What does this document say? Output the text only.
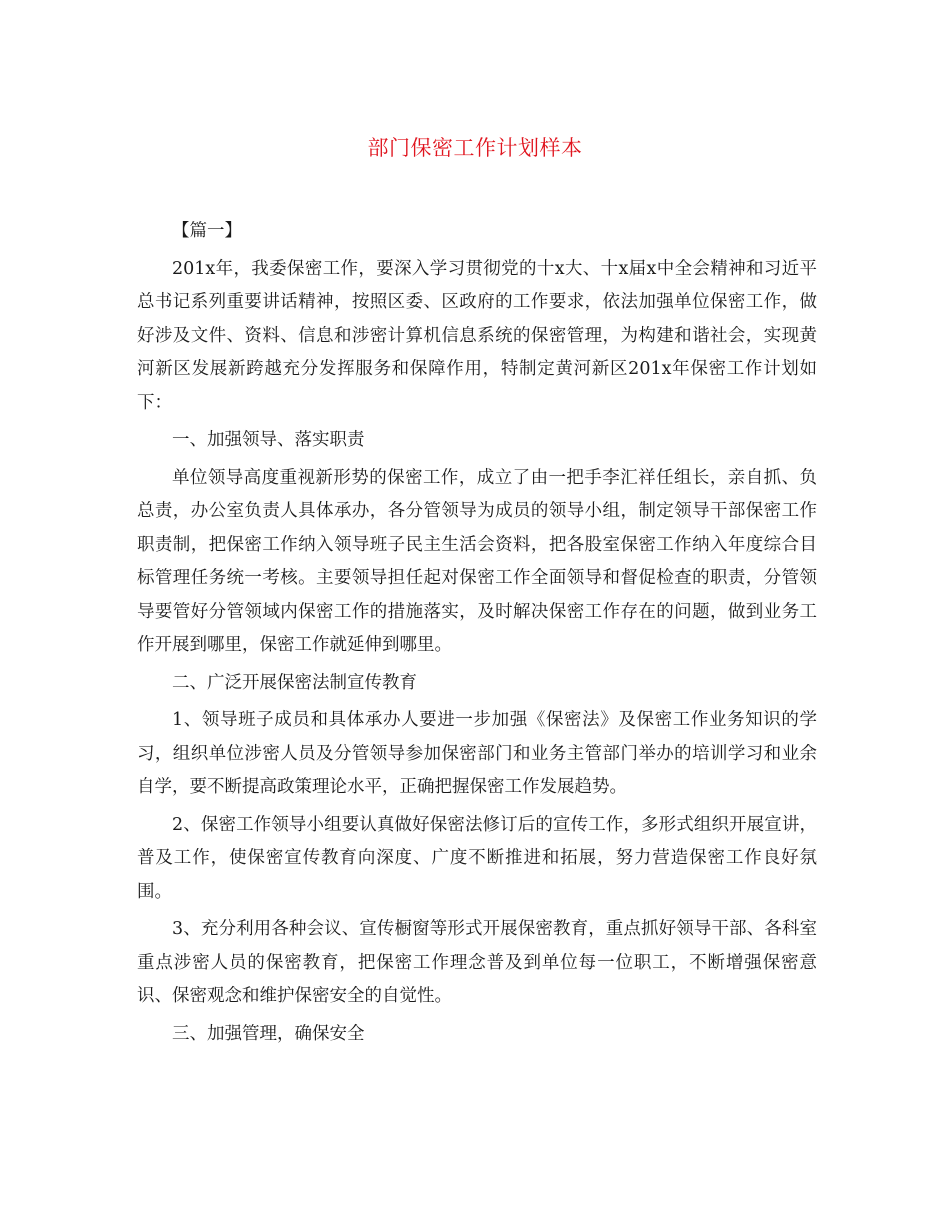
部门保密工作计划样本

【篇一】

201x年，我委保密工作，要深入学习贯彻党的十x大、十x届x中全会精神和习近平总书记系列重要讲话精神，按照区委、区政府的工作要求，依法加强单位保密工作，做好涉及文件、资料、信息和涉密计算机信息系统的保密管理，为构建和谐社会，实现黄河新区发展新跨越充分发挥服务和保障作用，特制定黄河新区201x年保密工作计划如下：

一、加强领导、落实职责

单位领导高度重视新形势的保密工作，成立了由一把手李汇祥任组长，亲自抓、负总责，办公室负责人具体承办，各分管领导为成员的领导小组，制定领导干部保密工作职责制，把保密工作纳入领导班子民主生活会资料，把各股室保密工作纳入年度综合目标管理任务统一考核。主要领导担任起对保密工作全面领导和督促检查的职责，分管领导要管好分管领域内保密工作的措施落实，及时解决保密工作存在的问题，做到业务工作开展到哪里，保密工作就延伸到哪里。

二、广泛开展保密法制宣传教育

1、领导班子成员和具体承办人要进一步加强《保密法》及保密工作业务知识的学习，组织单位涉密人员及分管领导参加保密部门和业务主管部门举办的培训学习和业余自学，要不断提高政策理论水平，正确把握保密工作发展趋势。

2、保密工作领导小组要认真做好保密法修订后的宣传工作，多形式组织开展宣讲，普及工作，使保密宣传教育向深度、广度不断推进和拓展，努力营造保密工作良好氛围。

3、充分利用各种会议、宣传橱窗等形式开展保密教育，重点抓好领导干部、各科室重点涉密人员的保密教育，把保密工作理念普及到单位每一位职工，不断增强保密意识、保密观念和维护保密安全的自觉性。

三、加强管理，确保安全
